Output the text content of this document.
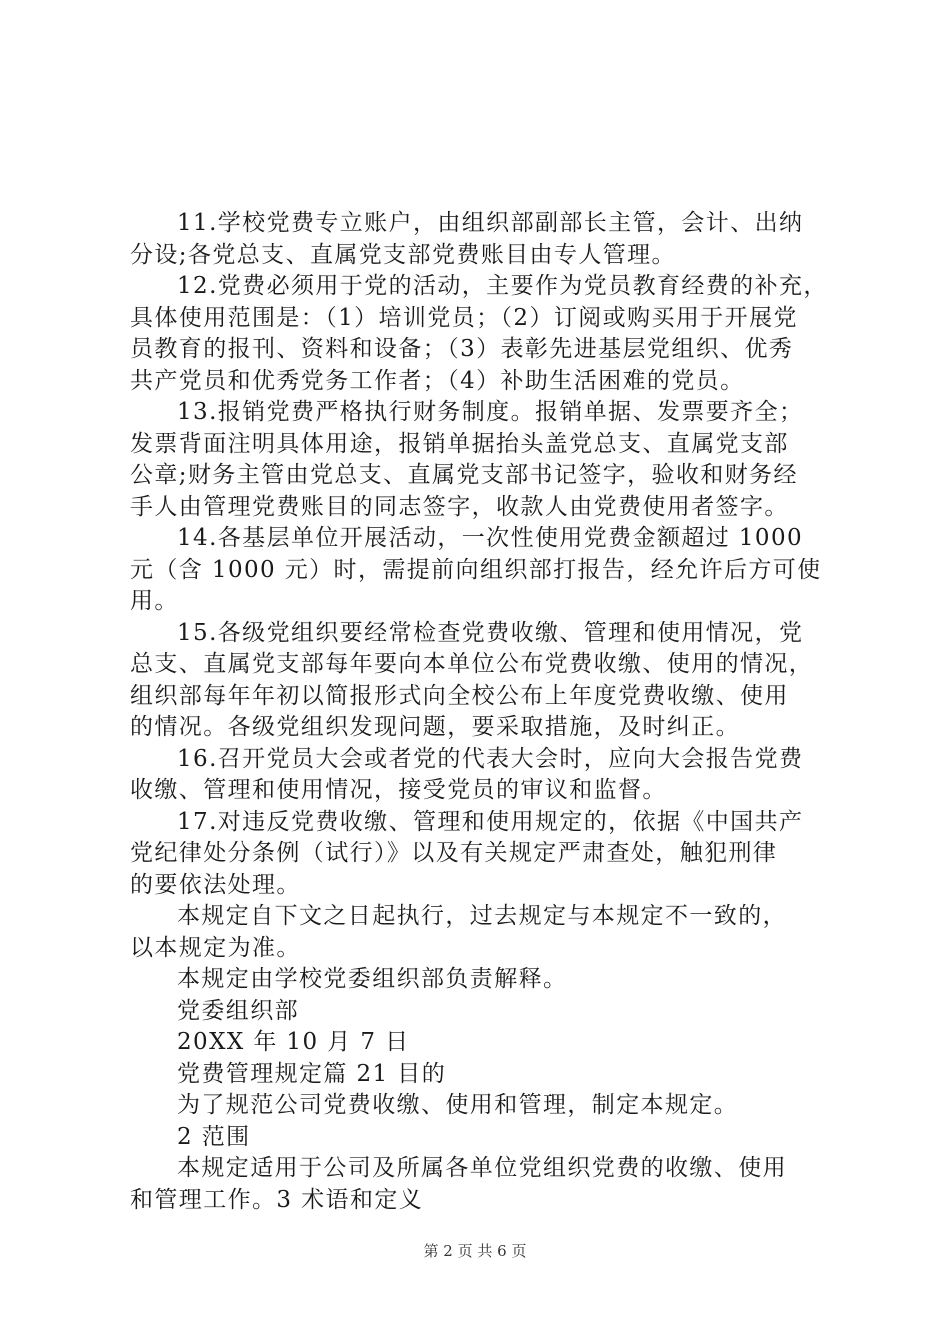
11.学校党费专立账户，由组织部副部长主管，会计、出纳
分设;各党总支、直属党支部党费账目由专人管理。
12.党费必须用于党的活动，主要作为党员教育经费的补充，
具体使用范围是：（1）培训党员；（2）订阅或购买用于开展党
员教育的报刊、资料和设备；（3）表彰先进基层党组织、优秀
共产党员和优秀党务工作者；（4）补助生活困难的党员。
13.报销党费严格执行财务制度。报销单据、发票要齐全；
发票背面注明具体用途，报销单据抬头盖党总支、直属党支部
公章;财务主管由党总支、直属党支部书记签字，验收和财务经
手人由管理党费账目的同志签字，收款人由党费使用者签字。
14.各基层单位开展活动，一次性使用党费金额超过 1000
元（含 1000 元）时，需提前向组织部打报告，经允许后方可使
用。
15.各级党组织要经常检查党费收缴、管理和使用情况，党
总支、直属党支部每年要向本单位公布党费收缴、使用的情况，
组织部每年年初以简报形式向全校公布上年度党费收缴、使用
的情况。各级党组织发现问题，要采取措施，及时纠正。
16.召开党员大会或者党的代表大会时，应向大会报告党费
收缴、管理和使用情况，接受党员的审议和监督。
17.对违反党费收缴、管理和使用规定的，依据《中国共产
党纪律处分条例（试行）》以及有关规定严肃查处，触犯刑律
的要依法处理。
本规定自下文之日起执行，过去规定与本规定不一致的，
以本规定为准。
本规定由学校党委组织部负责解释。
党委组织部
20XX 年 10 月 7 日
党费管理规定篇 21 目的
为了规范公司党费收缴、使用和管理，制定本规定。
2 范围
本规定适用于公司及所属各单位党组织党费的收缴、使用
和管理工作。3 术语和定义
第 2 页 共 6 页
